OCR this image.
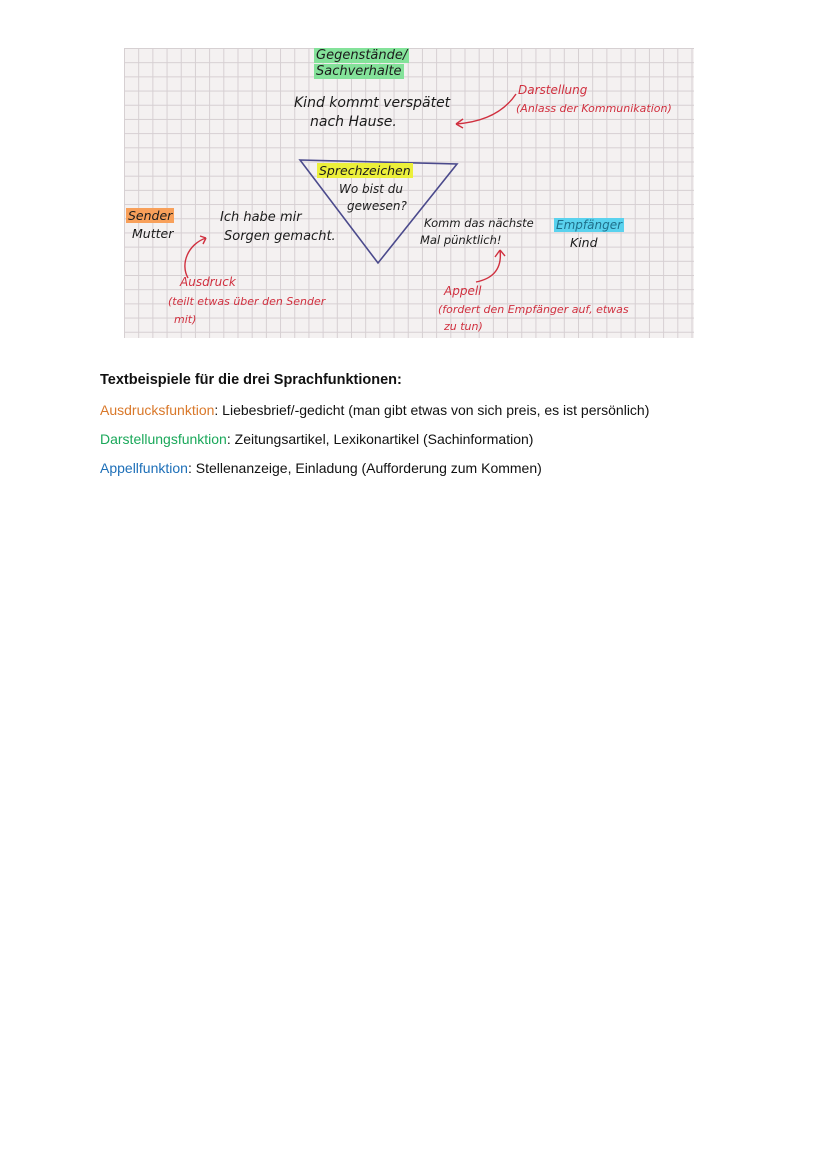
Gegenstände/
Sachverhalte
Kind kommt verspätet
nach Hause.
Darstellung
(Anlass der Kommunikation)
Sprechzeichen
Wo bist du
gewesen?
Sender
Mutter
Ich habe mir
Sorgen gemacht.
Komm das nächste
Mal pünktlich!
Empfänger
Kind
Ausdruck
(teilt etwas über den Sender
mit)
Appell
(fordert den Empfänger auf, etwas
zu tun)
Textbeispiele für die drei Sprachfunktionen:
Ausdrucksfunktion: Liebesbrief/-gedicht (man gibt etwas von sich preis, es ist persönlich)
Darstellungsfunktion: Zeitungsartikel, Lexikonartikel (Sachinformation)
Appellfunktion: Stellenanzeige, Einladung (Aufforderung zum Kommen)
